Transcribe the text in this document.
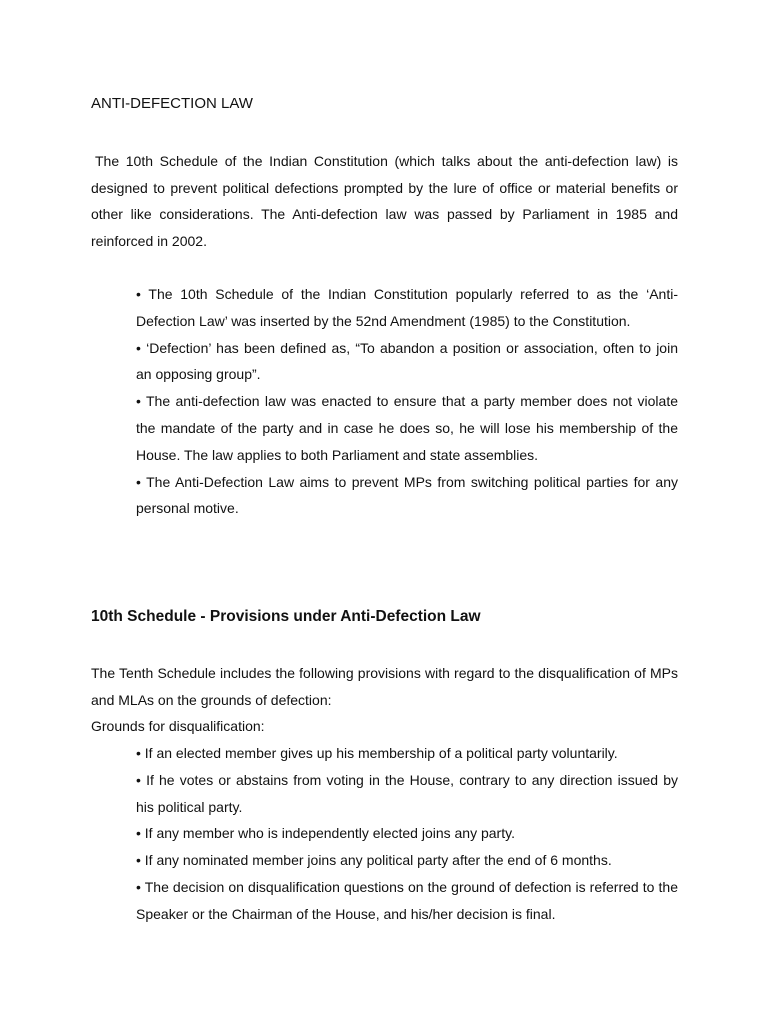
ANTI-DEFECTION LAW

The 10th Schedule of the Indian Constitution (which talks about the anti-defection law) is designed to prevent political defections prompted by the lure of office or material benefits or other like considerations. The Anti-defection law was passed by Parliament in 1985 and reinforced in 2002.

• The 10th Schedule of the Indian Constitution popularly referred to as the ‘Anti-Defection Law’ was inserted by the 52nd Amendment (1985) to the Constitution.
• ‘Defection’ has been defined as, “To abandon a position or association, often to join an opposing group”.
• The anti-defection law was enacted to ensure that a party member does not violate the mandate of the party and in case he does so, he will lose his membership of the House. The law applies to both Parliament and state assemblies.
• The Anti-Defection Law aims to prevent MPs from switching political parties for any personal motive.
10th Schedule - Provisions under Anti-Defection Law

The Tenth Schedule includes the following provisions with regard to the disqualification of MPs and MLAs on the grounds of defection:
Grounds for disqualification:

• If an elected member gives up his membership of a political party voluntarily.
• If he votes or abstains from voting in the House, contrary to any direction issued by his political party.
• If any member who is independently elected joins any party.
• If any nominated member joins any political party after the end of 6 months.
• The decision on disqualification questions on the ground of defection is referred to the Speaker or the Chairman of the House, and his/her decision is final.
